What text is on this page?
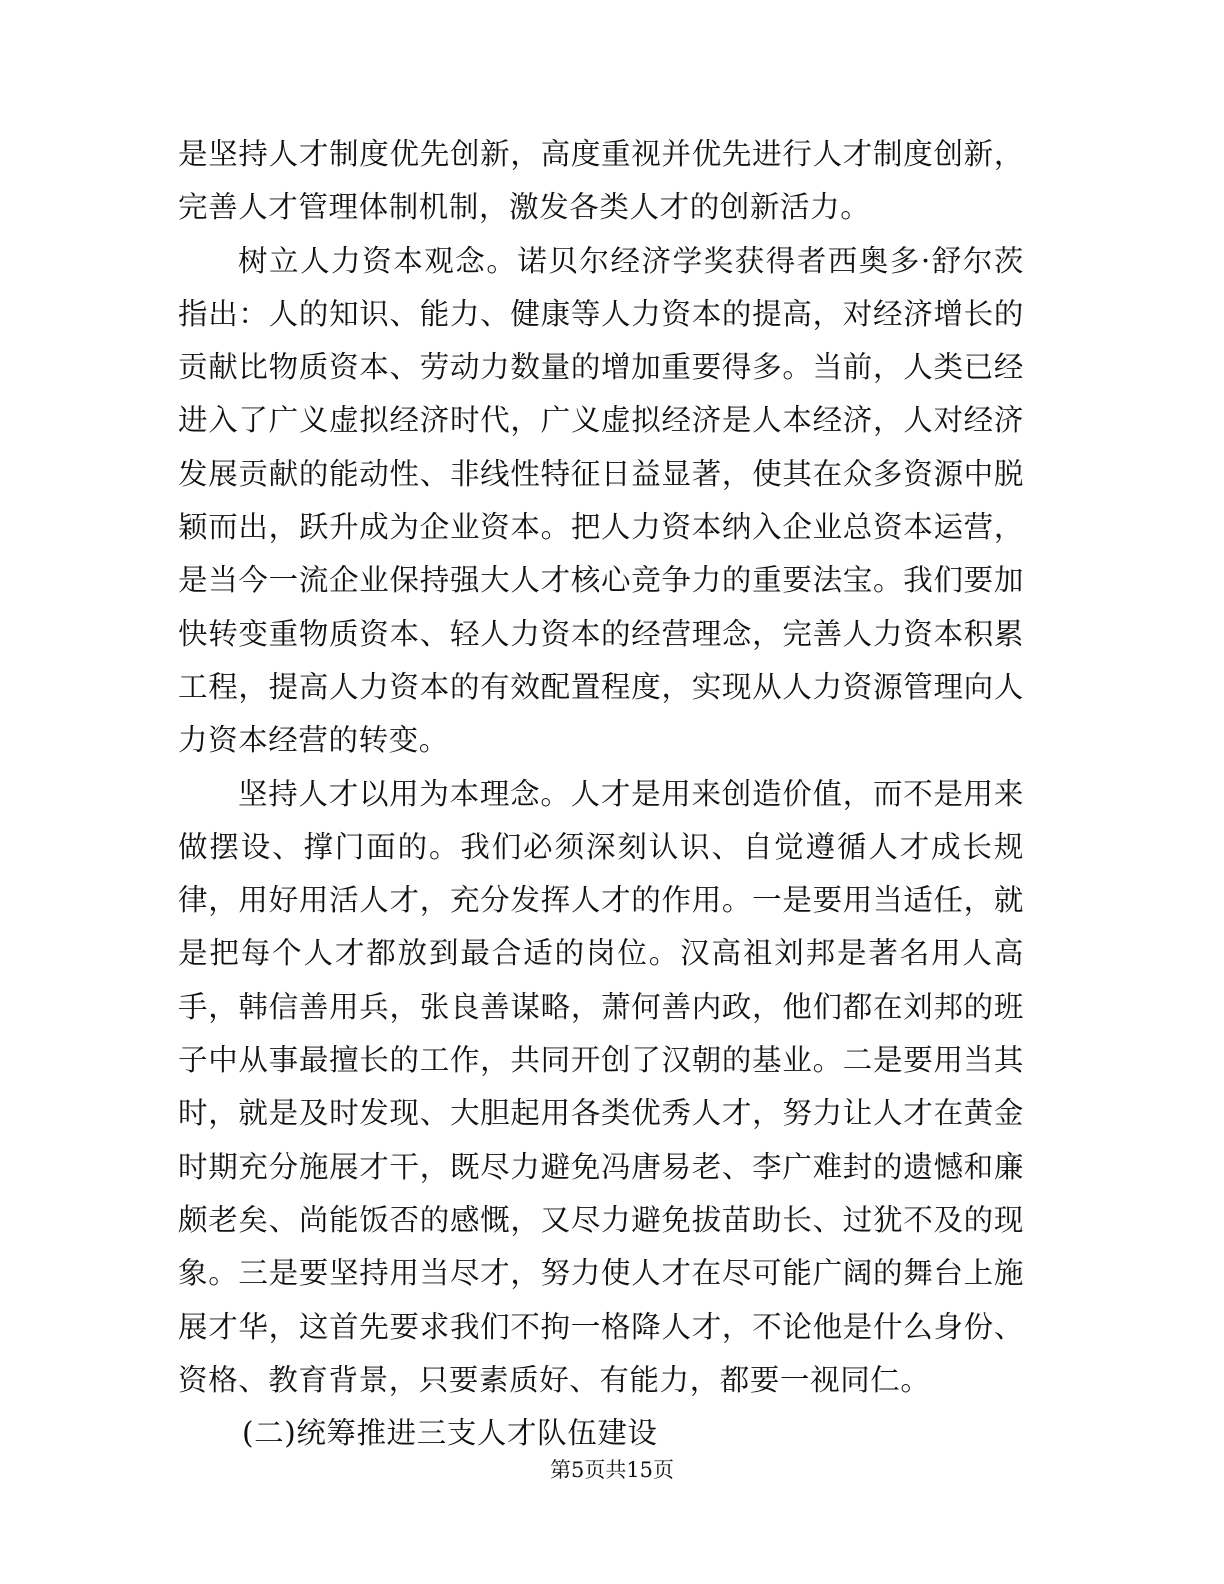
是坚持人才制度优先创新，高度重视并优先进行人才制度创新，完善人才管理体制机制，激发各类人才的创新活力。

树立人力资本观念。诺贝尔经济学奖获得者西奥多·舒尔茨指出：人的知识、能力、健康等人力资本的提高，对经济增长的贡献比物质资本、劳动力数量的增加重要得多。当前，人类已经进入了广义虚拟经济时代，广义虚拟经济是人本经济，人对经济发展贡献的能动性、非线性特征日益显著，使其在众多资源中脱颖而出，跃升成为企业资本。把人力资本纳入企业总资本运营，是当今一流企业保持强大人才核心竞争力的重要法宝。我们要加快转变重物质资本、轻人力资本的经营理念，完善人力资本积累工程，提高人力资本的有效配置程度，实现从人力资源管理向人力资本经营的转变。

坚持人才以用为本理念。人才是用来创造价值，而不是用来做摆设、撑门面的。我们必须深刻认识、自觉遵循人才成长规律，用好用活人才，充分发挥人才的作用。一是要用当适任，就是把每个人才都放到最合适的岗位。汉高祖刘邦是著名用人高手，韩信善用兵，张良善谋略，萧何善内政，他们都在刘邦的班子中从事最擅长的工作，共同开创了汉朝的基业。二是要用当其时，就是及时发现、大胆起用各类优秀人才，努力让人才在黄金时期充分施展才干，既尽力避免冯唐易老、李广难封的遗憾和廉颇老矣、尚能饭否的感慨，又尽力避免拔苗助长、过犹不及的现象。三是要坚持用当尽才，努力使人才在尽可能广阔的舞台上施展才华，这首先要求我们不拘一格降人才，不论他是什么身份、资格、教育背景，只要素质好、有能力，都要一视同仁。

(二)统筹推进三支人才队伍建设

第5页共15页
